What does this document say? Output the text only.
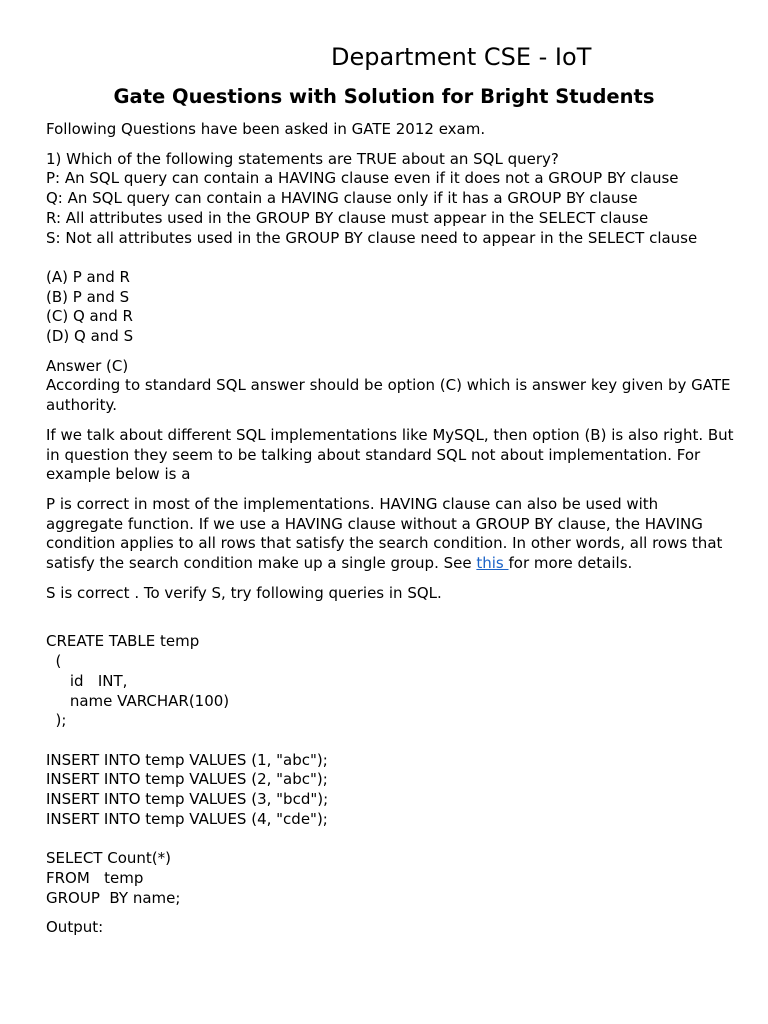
Department CSE - IoT
Gate Questions with Solution for Bright Students

Following Questions have been asked in GATE 2012 exam.

1) Which of the following statements are TRUE about an SQL query?

P: An SQL query can contain a HAVING clause even if it does not a GROUP BY clause

Q: An SQL query can contain a HAVING clause only if it has a GROUP BY clause

R: All attributes used in the GROUP BY clause must appear in the SELECT clause

S: Not all attributes used in the GROUP BY clause need to appear in the SELECT clause

(A) P and R

(B) P and S

(C) Q and R

(D) Q and S

Answer (C)

According to standard SQL answer should be option (C) which is answer key given by GATE authority.

If we talk about different SQL implementations like MySQL, then option (B) is also right. But in question they seem to be talking about standard SQL not about implementation. For example below is a

P is correct in most of the implementations. HAVING clause can also be used with aggregate function. If we use a HAVING clause without a GROUP BY clause, the HAVING condition applies to all rows that satisfy the search condition. In other words, all rows that satisfy the search condition make up a single group. See this for more details.

S is correct . To verify S, try following queries in SQL.

CREATE TABLE temp
(
id   INT,
name VARCHAR(100)
);
INSERT INTO temp VALUES (1, "abc");
INSERT INTO temp VALUES (2, "abc");
INSERT INTO temp VALUES (3, "bcd");
INSERT INTO temp VALUES (4, "cde");
SELECT Count(*)
FROM   temp
GROUP  BY name;

Output:
